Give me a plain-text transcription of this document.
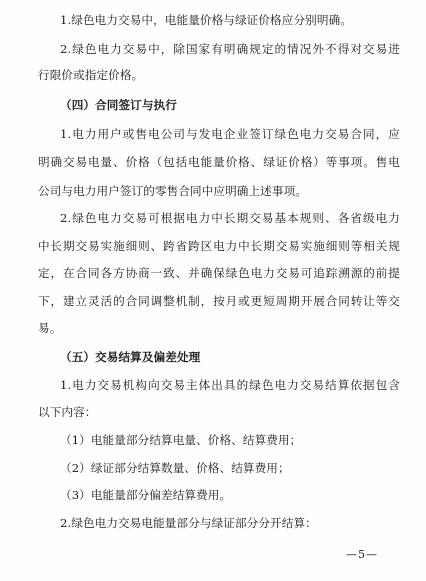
1.绿色电力交易中，电能量价格与绿证价格应分别明确。
2.绿色电力交易中，除国家有明确规定的情况外不得对交易进
行限价或指定价格。
（四）合同签订与执行
1.电力用户或售电公司与发电企业签订绿色电力交易合同，应
明确交易电量、价格（包括电能量价格、绿证价格）等事项。售电
公司与电力用户签订的零售合同中应明确上述事项。
2.绿色电力交易可根据电力中长期交易基本规则、各省级电力
中长期交易实施细则、跨省跨区电力中长期交易实施细则等相关规
定，在合同各方协商一致、并确保绿色电力交易可追踪溯源的前提
下，建立灵活的合同调整机制，按月或更短周期开展合同转让等交
易。
（五）交易结算及偏差处理
1.电力交易机构向交易主体出具的绿色电力交易结算依据包含
以下内容：
（1）电能量部分结算电量、价格、结算费用；
（2）绿证部分结算数量、价格、结算费用；
（3）电能量部分偏差结算费用。
2.绿色电力交易电能量部分与绿证部分分开结算：
—5—
